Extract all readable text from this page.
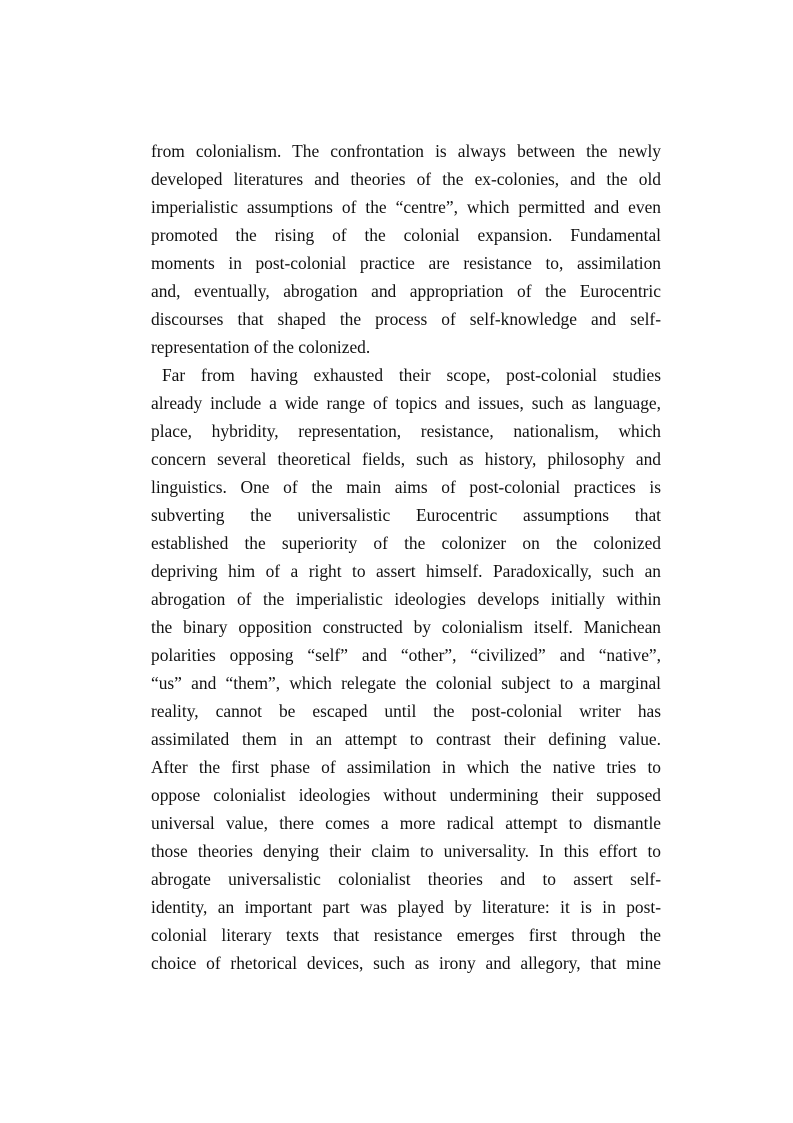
from colonialism. The confrontation is always between the newly
developed literatures and theories of the ex-colonies, and the old
imperialistic assumptions of the “centre”, which permitted and even
promoted the rising of the colonial expansion. Fundamental
moments in post-colonial practice are resistance to, assimilation
and, eventually, abrogation and appropriation of the Eurocentric
discourses that shaped the process of self-knowledge and self-
representation of the colonized.
Far from having exhausted their scope, post-colonial studies
already include a wide range of topics and issues, such as language,
place, hybridity, representation, resistance, nationalism, which
concern several theoretical fields, such as history, philosophy and
linguistics. One of the main aims of post-colonial practices is
subverting the universalistic Eurocentric assumptions that
established the superiority of the colonizer on the colonized
depriving him of a right to assert himself. Paradoxically, such an
abrogation of the imperialistic ideologies develops initially within
the binary opposition constructed by colonialism itself. Manichean
polarities opposing “self” and “other”, “civilized” and “native”,
“us” and “them”, which relegate the colonial subject to a marginal
reality, cannot be escaped until the post-colonial writer has
assimilated them in an attempt to contrast their defining value.
After the first phase of assimilation in which the native tries to
oppose colonialist ideologies without undermining their supposed
universal value, there comes a more radical attempt to dismantle
those theories denying their claim to universality. In this effort to
abrogate universalistic colonialist theories and to assert self-
identity, an important part was played by literature: it is in post-
colonial literary texts that resistance emerges first through the
choice of rhetorical devices, such as irony and allegory, that mine
